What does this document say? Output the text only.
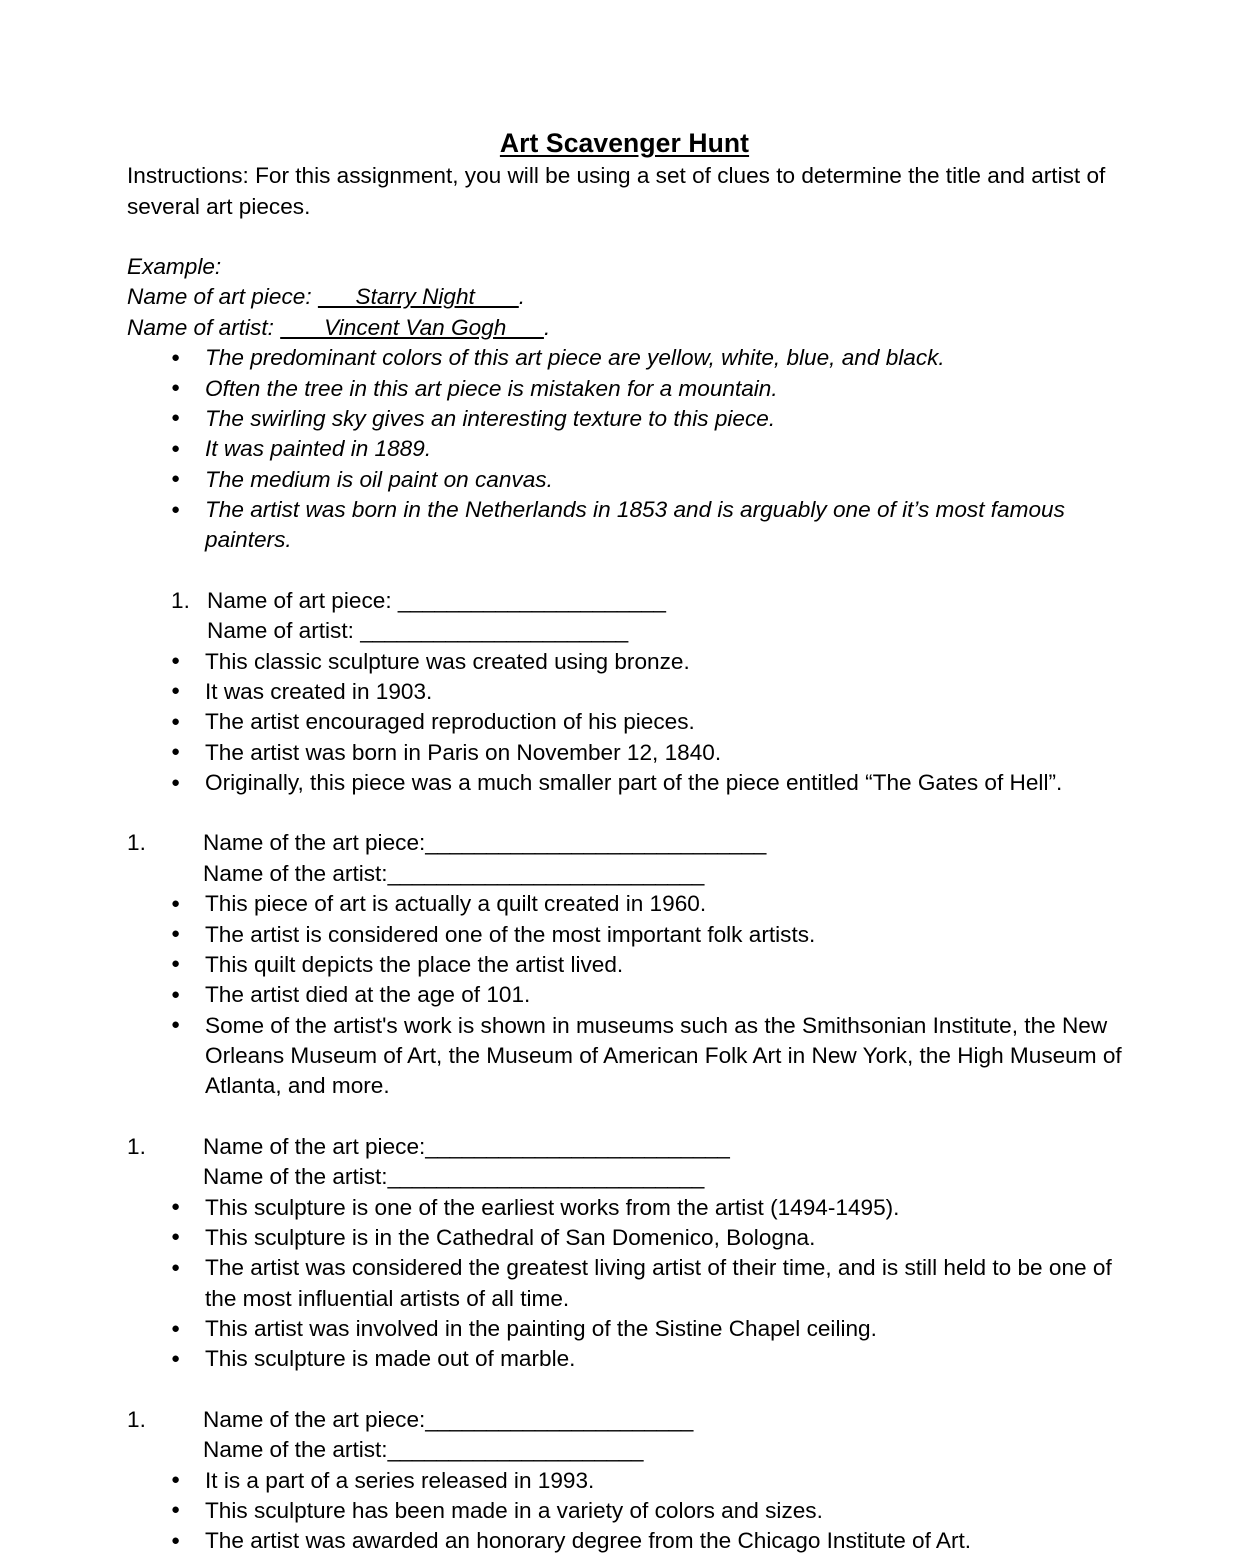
Art Scavenger Hunt

Instructions: For this assignment, you will be using a set of clues to determine the title and artist of several art pieces.

Example:

Name of art piece:       Starry Night       .

Name of artist:        Vincent Van Gogh      .

● The predominant colors of this art piece are yellow, white, blue, and black.
● Often the tree in this art piece is mistaken for a mountain.
● The swirling sky gives an interesting texture to this piece.
● It was painted in 1889.
● The medium is oil paint on canvas.
● The artist was born in the Netherlands in 1853 and is arguably one of it’s most famous painters.
1. Name of art piece: ______________________
Name of artist: ______________________
● This classic sculpture was created using bronze.
● It was created in 1903.
● The artist encouraged reproduction of his pieces.
● The artist was born in Paris on November 12, 1840.
● Originally, this piece was a much smaller part of the piece entitled “The Gates of Hell”.
1.	Name of the art piece:____________________________
Name of the artist:__________________________
● This piece of art is actually a quilt created in 1960.
● The artist is considered one of the most important folk artists.
● This quilt depicts the place the artist lived.
● The artist died at the age of 101.
● Some of the artist's work is shown in museums such as the Smithsonian Institute, the New Orleans Museum of Art, the Museum of American Folk Art in New York, the High Museum of Atlanta, and more.
1.	Name of the art piece:_________________________
Name of the artist:__________________________
● This sculpture is one of the earliest works from the artist (1494-1495).
● This sculpture is in the Cathedral of San Domenico, Bologna.
● The artist was considered the greatest living artist of their time, and is still held to be one of the most influential artists of all time.
● This artist was involved in the painting of the Sistine Chapel ceiling.
● This sculpture is made out of marble.
1.	Name of the art piece:______________________
Name of the artist:_____________________
● It is a part of a series released in 1993.
● This sculpture has been made in a variety of colors and sizes.
● The artist was awarded an honorary degree from the Chicago Institute of Art.
